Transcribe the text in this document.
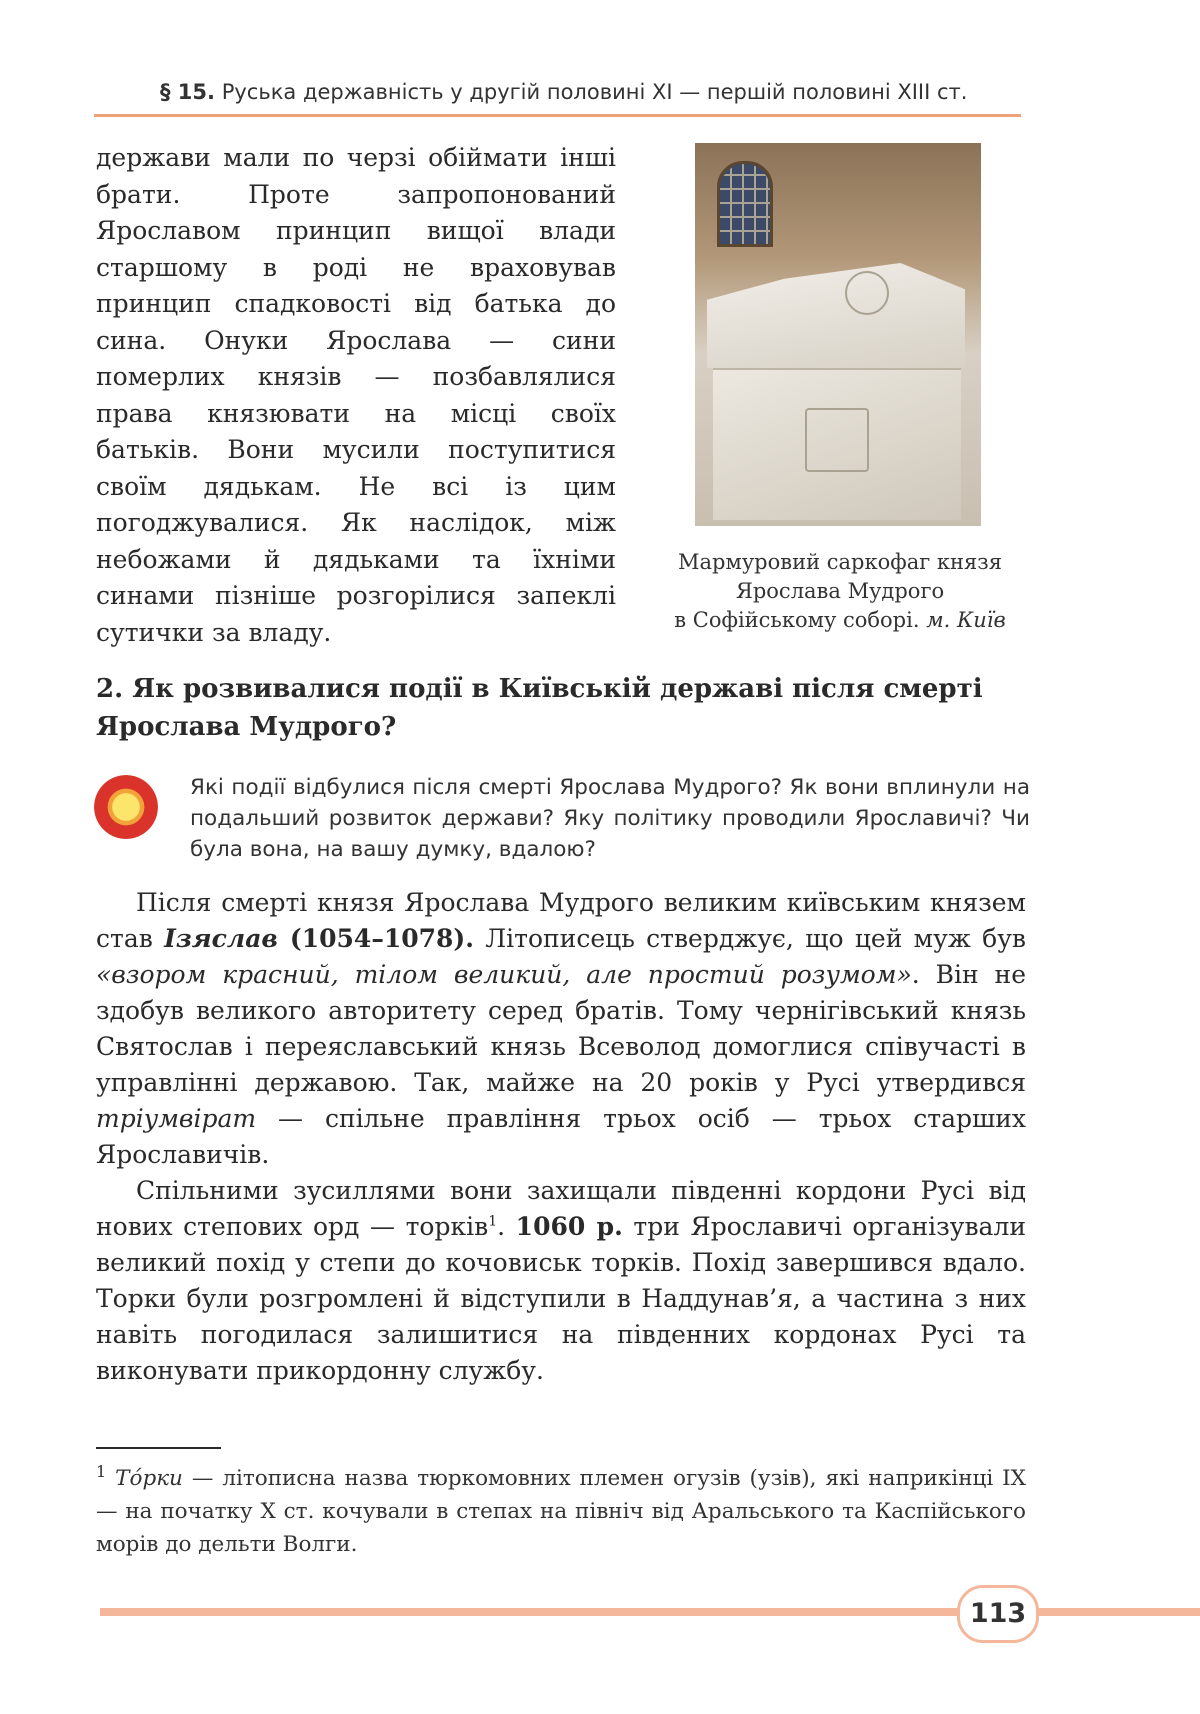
§ 15. Руська державність у другій половині XI — першій половині XIII ст.

держави мали по черзі обіймати інші брати. Проте запропонований Ярославом принцип вищої влади старшому в роді не враховував принцип спадковості від батька до сина. Онуки Ярослава — сини померлих князів — позбавлялися права князювати на місці своїх батьків. Вони мусили поступитися своїм дядькам. Не всі із цим погоджувалися. Як наслідок, між небожами й дядьками та їхніми синами пізніше розгорілися запеклі сутички за владу.

Мармуровий саркофаг князя
Ярослава Мудрого
в Софійському соборі. м. Київ
2. Як розвивалися події в Київській державі після смерті Ярослава Мудрого?
Які події відбулися після смерті Ярослава Мудрого? Як вони вплинули на подальший розвиток держави? Яку політику проводили Ярославичі? Чи була вона, на вашу думку, вдалою?

Після смерті князя Ярослава Мудрого великим київським князем став Ізяслав (1054–1078). Літописець стверджує, що цей муж був «взором красний, тілом великий, але простий розумом». Він не здобув великого авторитету серед братів. Тому чернігівський князь Святослав і переяславський князь Всеволод домоглися співучасті в управлінні державою. Так, майже на 20 років у Русі утвердився тріумвірат — спільне правління трьох осіб — трьох старших Ярославичів.

Спільними зусиллями вони захищали південні кордони Русі від нових степових орд — торків$^1$. 1060 р. три Ярославичі організували великий похід у степи до кочовиськ торків. Похід завершився вдало. Торки були розгромлені й відступили в Наддунав’я, а частина з них навіть погодилася залишитися на південних кордонах Русі та виконувати прикордонну службу.

$^1$ Тóрки — літописна назва тюркомовних племен огузів (узів), які наприкінці IX — на початку X ст. кочували в степах на північ від Аральського та Каспійського морів до дельти Волги.
113
